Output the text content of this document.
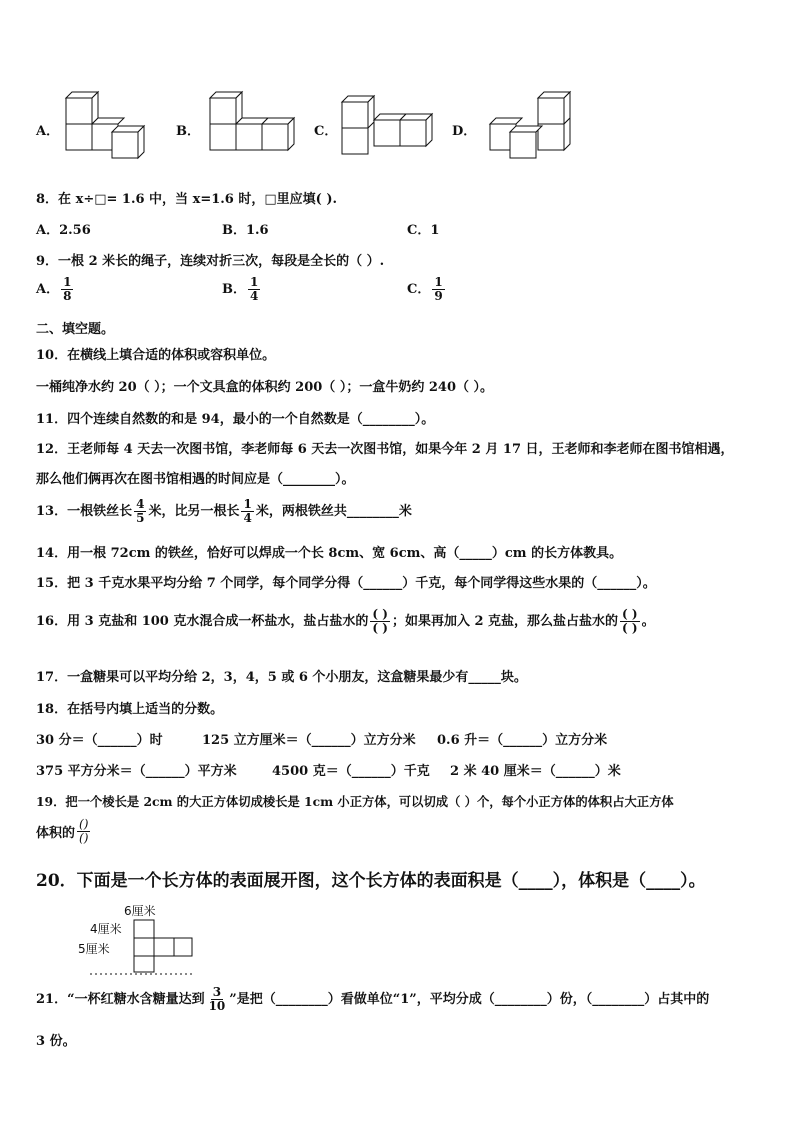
A．	B．	C．	D．
8．在 x÷□= 1.6 中，当 x=1.6 时，□里应填( ).
A．2.56	B．1.6	C．1
9．一根 2 米长的绳子，连续对折三次，每段是全长的（ ）.
A． $\frac{1}{8}$	B． $\frac{1}{4}$	C． $\frac{1}{9}$
二、填空题。
10．在横线上填合适的体积或容积单位。
一桶纯净水约 20（ ）；一个文具盒的体积约 200（ ）；一盒牛奶约 240（ ）。
11．四个连续自然数的和是 94，最小的一个自然数是（________）。
12．王老师每 4 天去一次图书馆，李老师每 6 天去一次图书馆，如果今年 2 月 17 日，王老师和李老师在图书馆相遇，
那么他们俩再次在图书馆相遇的时间应是（________）。
13．一根铁丝长 $\frac{4}{5}$ 米，比另一根长 $\frac{1}{4}$ 米，两根铁丝共________米
14．用一根 72cm 的铁丝，恰好可以焊成一个长 8cm、宽 6cm、高（_____）cm 的长方体教具。
15．把 3 千克水果平均分给 7 个同学，每个同学分得（______）千克，每个同学得这些水果的（______）。
16．用 3 克盐和 100 克水混合成一杯盐水，盐占盐水的 $\frac{( )}{( )}$ ；如果再加入 2 克盐，那么盐占盐水的 $\frac{( )}{( )}$ 。
17．一盒糖果可以平均分给 2，3，4，5 或 6 个小朋友，这盒糖果最少有_____块。
18．在括号内填上适当的分数。
30 分＝（______）时	125 立方厘米＝（______）立方分米 0.6 升＝（______）立方分米
375 平方分米＝（______）平方米	4500 克＝（______）千克 2 米 40 厘米＝（______）米
19．把一个棱长是 2cm 的大正方体切成棱长是 1cm 小正方体，可以切成（ ）个，每个小正方体的体积占大正方体
体积的 $\frac{()}{()}$
20．下面是一个长方体的表面展开图，这个长方体的表面积是（____），体积是（____）。
6厘米
4厘米
5厘米
21．“一杯红糖水含糖量达到 $\frac{3}{10}$ ”是把（________）看做单位“1”，平均分成（________）份，（________）占其中的
3 份。
